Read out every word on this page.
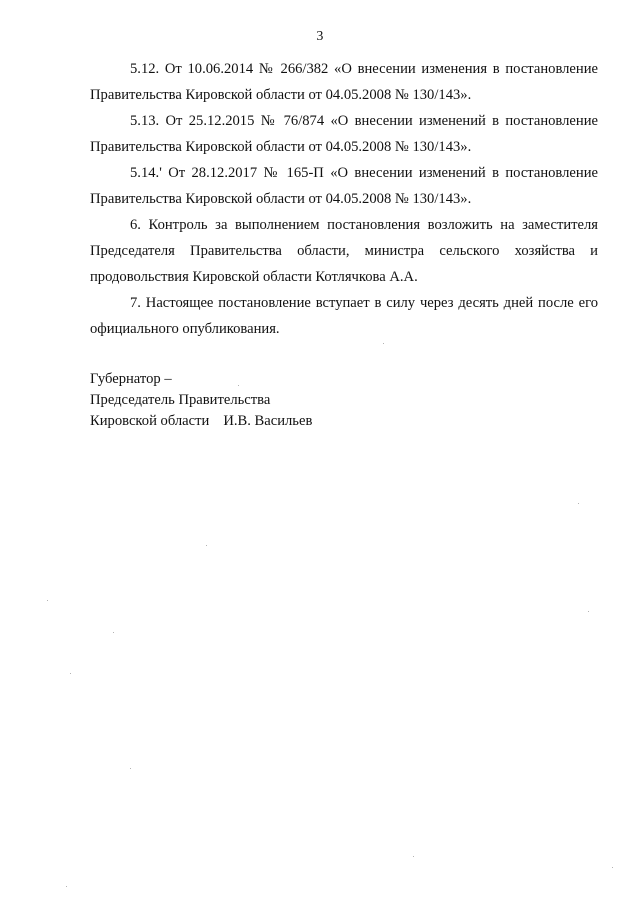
3

5.12. От 10.06.2014 № 266/382 «О внесении изменения в постановление
Правительства Кировской области от 04.05.2008 № 130/143».

5.13. От 25.12.2015 № 76/874 «О внесении изменений в постановление
Правительства Кировской области от 04.05.2008 № 130/143».

5.14.' От 28.12.2017 № 165-П «О внесении изменений в постановление
Правительства Кировской области от 04.05.2008 № 130/143».

6. Контроль за выполнением постановления возложить на заместителя
Председателя Правительства области, министра сельского хозяйства и
продовольствия Кировской области Котлячкова А.А.

7. Настоящее постановление вступает в силу через десять дней после его
официального опубликования.

Губернатор –
Председатель Правительства
Кировской области И.В. Васильев
